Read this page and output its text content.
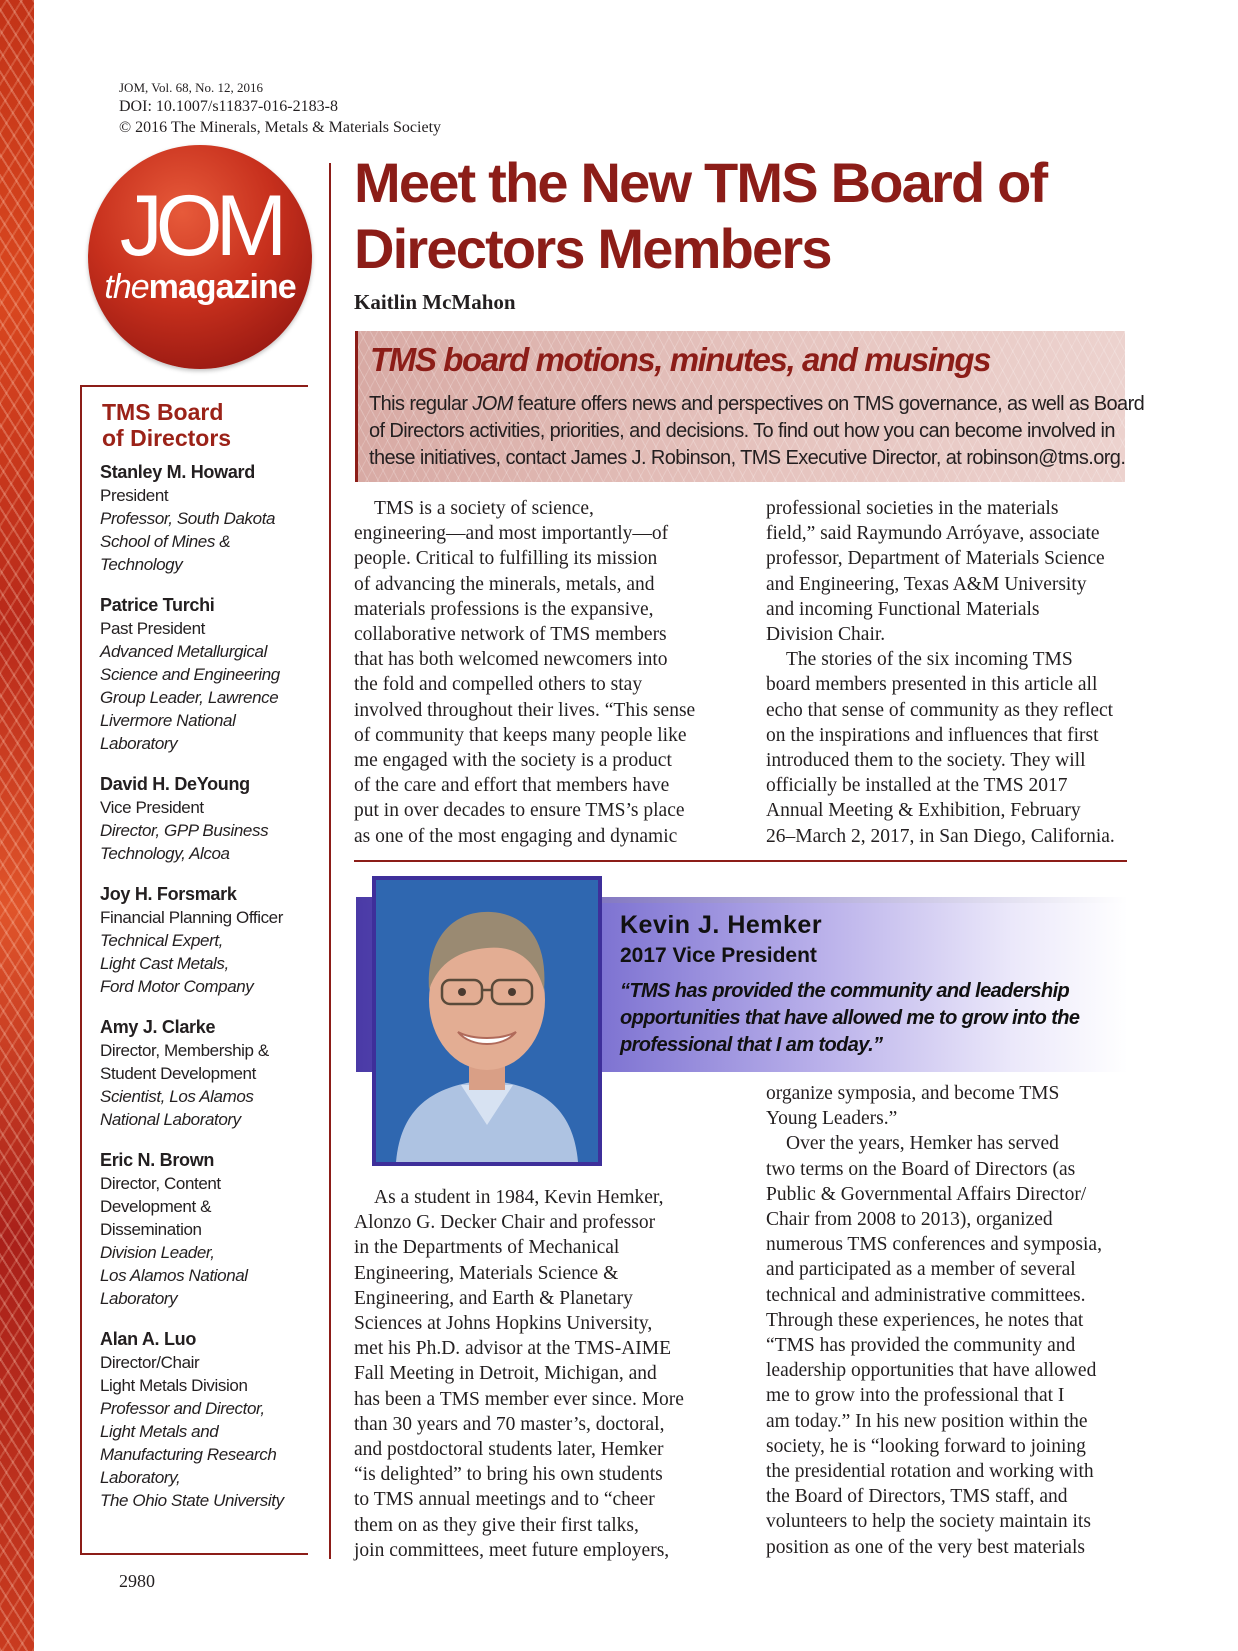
JOM, Vol. 68, No. 12, 2016
DOI: 10.1007/s11837-016-2183-8
© 2016 The Minerals, Metals & Materials Society
JOM
themagazine
TMS Board
of Directors
Stanley M. Howard
President
Professor, South Dakota
School of Mines &
Technology
Patrice Turchi
Past President
Advanced Metallurgical
Science and Engineering
Group Leader, Lawrence
Livermore National
Laboratory
David H. DeYoung
Vice President
Director, GPP Business
Technology, Alcoa
Joy H. Forsmark
Financial Planning Officer
Technical Expert,
Light Cast Metals,
Ford Motor Company
Amy J. Clarke
Director, Membership &
Student Development
Scientist, Los Alamos
National Laboratory
Eric N. Brown
Director, Content
Development &
Dissemination
Division Leader,
Los Alamos National
Laboratory
Alan A. Luo
Director/Chair
Light Metals Division
Professor and Director,
Light Metals and
Manufacturing Research
Laboratory,
The Ohio State University
Meet the New TMS Board of
Directors Members
Kaitlin McMahon
TMS board motions, minutes, and musings
This regular JOM feature offers news and perspectives on TMS governance, as well as Board
of Directors activities, priorities, and decisions. To find out how you can become involved in
these initiatives, contact James J. Robinson, TMS Executive Director, at robinson@tms.org.
TMS is a society of science,
engineering—and most importantly—of
people. Critical to fulfilling its mission
of advancing the minerals, metals, and
materials professions is the expansive,
collaborative network of TMS members
that has both welcomed newcomers into
the fold and compelled others to stay
involved throughout their lives. “This sense
of community that keeps many people like
me engaged with the society is a product
of the care and effort that members have
put in over decades to ensure TMS’s place
as one of the most engaging and dynamic
professional societies in the materials
field,” said Raymundo Arróyave, associate
professor, Department of Materials Science
and Engineering, Texas A&M University
and incoming Functional Materials
Division Chair.
The stories of the six incoming TMS
board members presented in this article all
echo that sense of community as they reflect
on the inspirations and influences that first
introduced them to the society. They will
officially be installed at the TMS 2017
Annual Meeting & Exhibition, February
26–March 2, 2017, in San Diego, California.
Kevin J. Hemker
2017 Vice President
“TMS has provided the community and leadership
opportunities that have allowed me to grow into the
professional that I am today.”
As a student in 1984, Kevin Hemker,
Alonzo G. Decker Chair and professor
in the Departments of Mechanical
Engineering, Materials Science &
Engineering, and Earth & Planetary
Sciences at Johns Hopkins University,
met his Ph.D. advisor at the TMS-AIME
Fall Meeting in Detroit, Michigan, and
has been a TMS member ever since. More
than 30 years and 70 master’s, doctoral,
and postdoctoral students later, Hemker
“is delighted” to bring his own students
to TMS annual meetings and to “cheer
them on as they give their first talks,
join committees, meet future employers,
organize symposia, and become TMS
Young Leaders.”
Over the years, Hemker has served
two terms on the Board of Directors (as
Public & Governmental Affairs Director/
Chair from 2008 to 2013), organized
numerous TMS conferences and symposia,
and participated as a member of several
technical and administrative committees.
Through these experiences, he notes that
“TMS has provided the community and
leadership opportunities that have allowed
me to grow into the professional that I
am today.” In his new position within the
society, he is “looking forward to joining
the presidential rotation and working with
the Board of Directors, TMS staff, and
volunteers to help the society maintain its
position as one of the very best materials
2980
